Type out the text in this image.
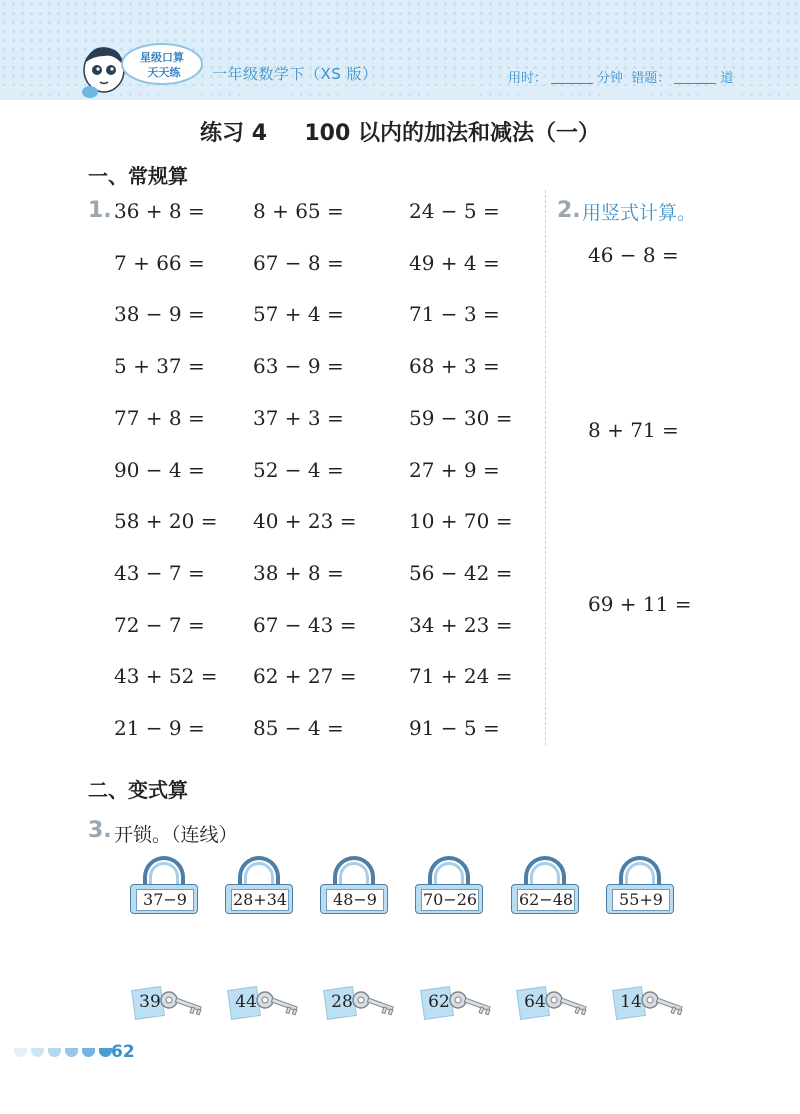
星级口算
天天练 一年级数学下（XS 版）	用时：	分钟 错题：	道
练习 4 100 以内的加法和减法（一）
一、常规算
1. 36 + 8 = 8 + 65 =	24 − 5 =
7 + 66 = 67 − 8 =	49 + 4 =
38 − 9 = 57 + 4 =	71 − 3 =
5 + 37 = 63 − 9 =	68 + 3 =
77 + 8 = 37 + 3 =	59 − 30 =
90 − 4 = 52 − 4 =	27 + 9 =
58 + 20 = 40 + 23 =	10 + 70 =
43 − 7 = 38 + 8 =	56 − 42 =
72 − 7 = 67 − 43 =	34 + 23 =
43 + 52 = 62 + 27 =	71 + 24 =
21 − 9 = 85 − 4 =	91 − 5 =
2. 用竖式计算。
46 − 8 =
8 + 71 =
69 + 11 =
二、变式算
3. 开锁。（连线）
37−9	28+34	48−9	70−26	62−48	55+9
39	44	28	62	64	14
62
